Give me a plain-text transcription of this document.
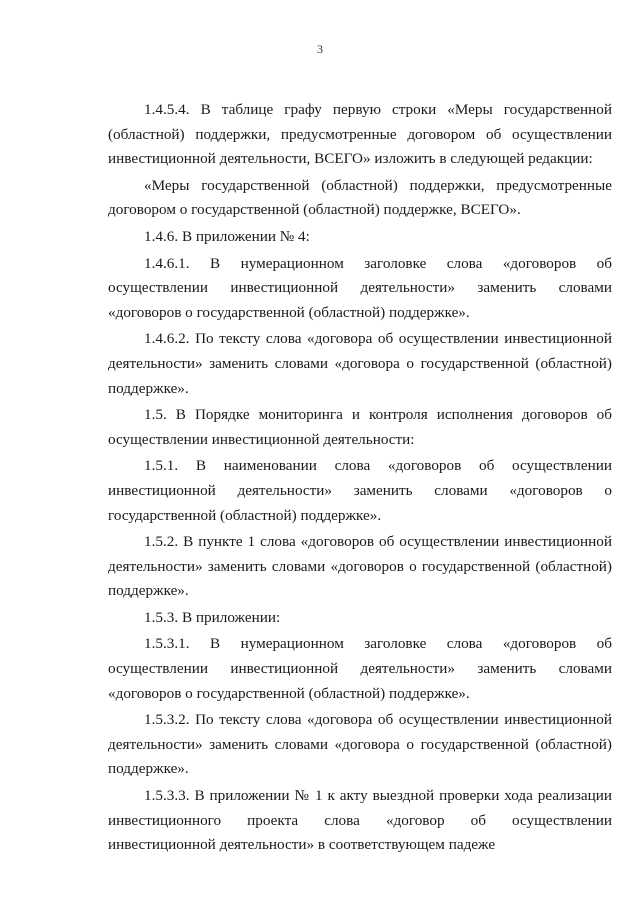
3

1.4.5.4. В таблице графу первую строки «Меры государственной (областной) поддержки, предусмотренные договором об осуществлении инвестиционной деятельности, ВСЕГО» изложить в следующей редакции:

«Меры государственной (областной) поддержки, предусмотренные договором о государственной (областной) поддержке, ВСЕГО».

1.4.6. В приложении № 4:

1.4.6.1. В нумерационном заголовке слова «договоров об осуществлении инвестиционной деятельности» заменить словами «договоров о государственной (областной) поддержке».

1.4.6.2. По тексту слова «договора об осуществлении инвестиционной деятельности» заменить словами «договора о государственной (областной) поддержке».

1.5. В Порядке мониторинга и контроля исполнения договоров об осуществлении инвестиционной деятельности:

1.5.1. В наименовании слова «договоров об осуществлении инвестиционной деятельности» заменить словами «договоров о государственной (областной) поддержке».

1.5.2. В пункте 1 слова «договоров об осуществлении инвестиционной деятельности» заменить словами «договоров о государственной (областной) поддержке».

1.5.3. В приложении:

1.5.3.1. В нумерационном заголовке слова «договоров об осуществлении инвестиционной деятельности» заменить словами «договоров о государственной (областной) поддержке».

1.5.3.2. По тексту слова «договора об осуществлении инвестиционной деятельности» заменить словами «договора о государственной (областной) поддержке».

1.5.3.3. В приложении № 1 к акту выездной проверки хода реализации инвестиционного проекта слова «договор об осуществлении инвестиционной деятельности» в соответствующем падеже
